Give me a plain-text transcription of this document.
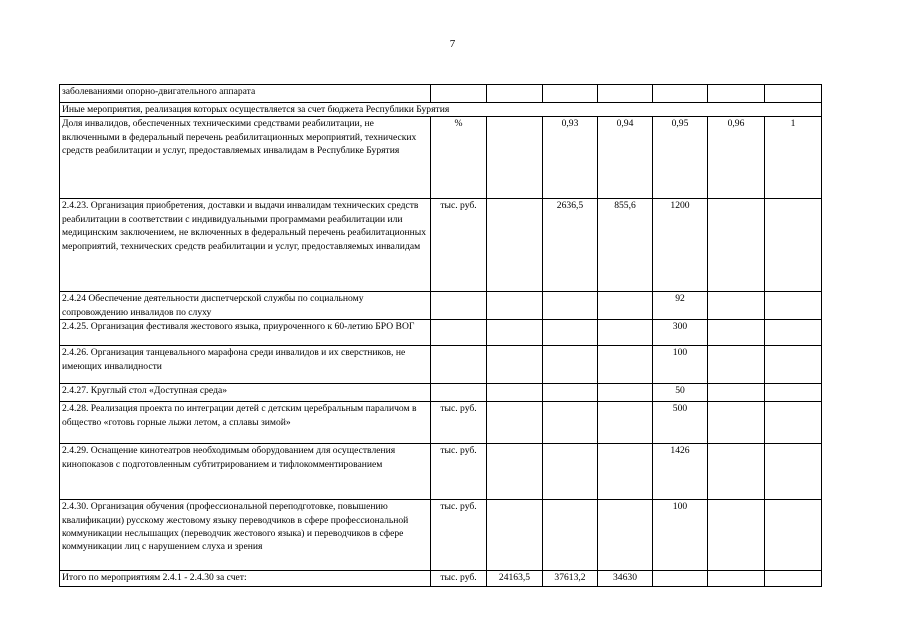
7
заболеваниями опорно-двигательного аппарата							
Иные мероприятия, реализация которых осуществляется за счет бюджета Республики Бурятия							
Доля инвалидов, обеспеченных техническими средствами реабилитации, не включенными в федеральный перечень реабилитационных мероприятий, технических средств реабилитации и услуг, предоставляемых инвалидам в Республике Бурятия	%		0,93	0,94	0,95	0,96	1
2.4.23. Организация приобретения, доставки и выдачи инвалидам технических средств реабилитации в соответствии с индивидуальными программами реабилитации или медицинским заключением, не включенных в федеральный перечень реабилитационных мероприятий, технических средств реабилитации и услуг, предоставляемых инвалидам	тыс. руб.		2636,5	855,6	1200		
2.4.24 Обеспечение деятельности диспетчерской службы по социальному сопровождению инвалидов по слуху					92		
2.4.25. Организация фестиваля жестового языка, приуроченного к 60-летию БРО ВОГ					300		
2.4.26. Организация танцевального марафона среди инвалидов и их сверстников, не имеющих инвалидности					100		
2.4.27. Круглый стол «Доступная среда»					50		
2.4.28. Реализация проекта по интеграции детей с детским церебральным параличом в общество «готовь горные лыжи летом, а сплавы зимой»	тыс. руб.				500		
2.4.29. Оснащение кинотеатров необходимым оборудованием для осуществления кинопоказов с подготовленным субтитрированием и тифлокомментированием	тыс. руб.				1426		
2.4.30. Организация обучения (профессиональной переподготовке, повышению квалификации) русскому жестовому языку переводчиков в сфере профессиональной коммуникации неслышащих (переводчик жестового языка) и переводчиков в сфере коммуникации лиц с нарушением слуха и зрения	тыс. руб.				100		
Итого по мероприятиям 2.4.1 - 2.4.30 за счет:	тыс. руб.	24163,5	37613,2	34630			
